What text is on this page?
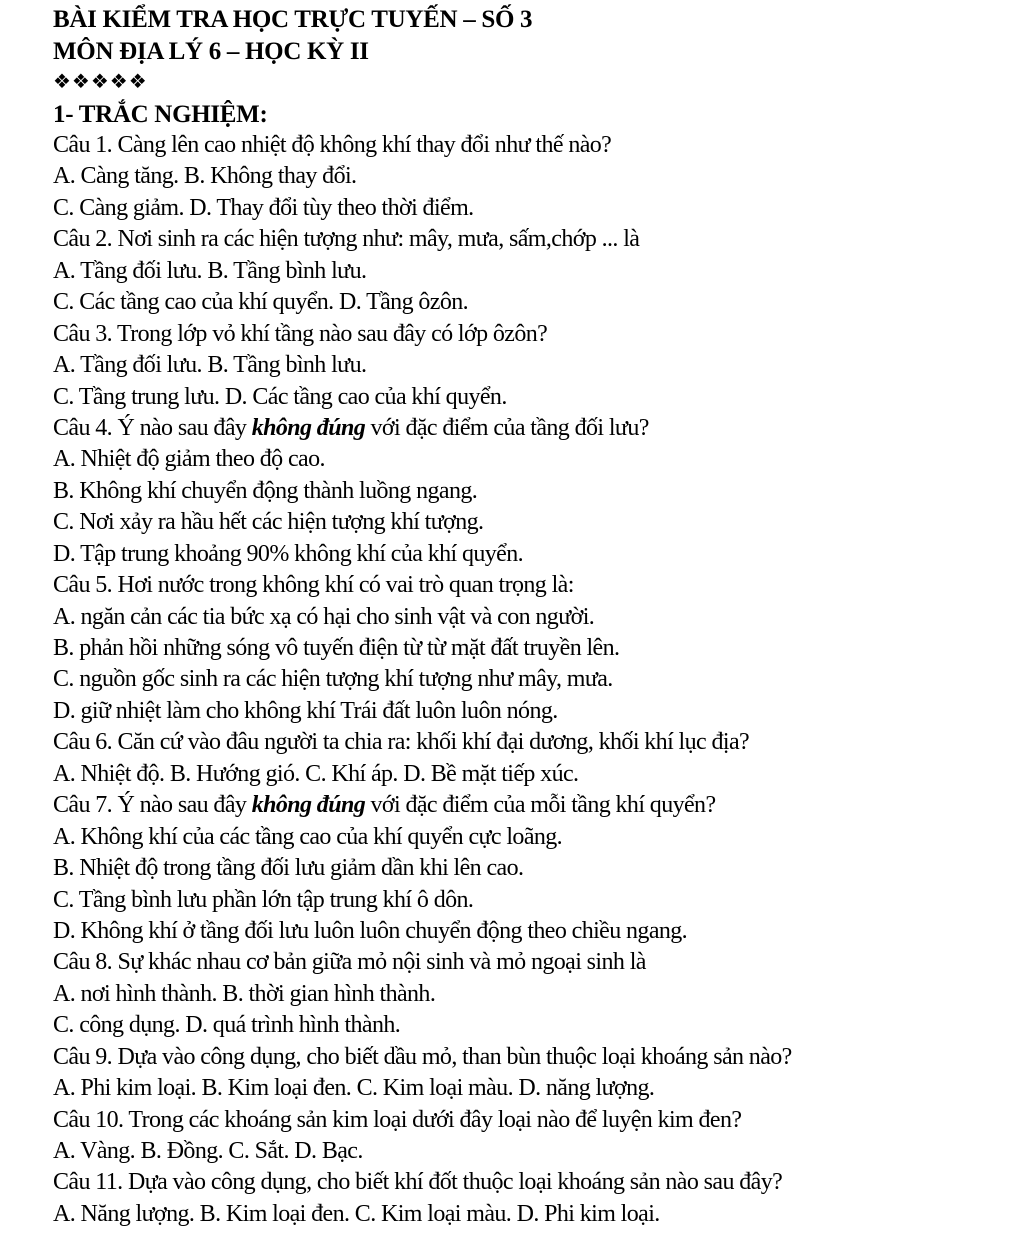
BÀI KIỂM TRA HỌC TRỰC TUYẾN – SỐ 3
MÔN ĐỊA LÝ 6 – HỌC KỲ II
❖❖❖❖❖
1- TRẮC NGHIỆM:
Câu 1. Càng lên cao nhiệt độ không khí thay đổi như thế nào?
A. Càng tăng. B. Không thay đổi.
C. Càng giảm. D. Thay đổi tùy theo thời điểm.
Câu 2. Nơi sinh ra các hiện tượng như: mây, mưa, sấm,chớp ... là
A. Tầng đối lưu. B. Tầng bình lưu.
C. Các tầng cao của khí quyển. D. Tầng ôzôn.
Câu 3. Trong lớp vỏ khí tầng nào sau đây có lớp ôzôn?
A. Tầng đối lưu. B. Tầng bình lưu.
C. Tầng trung lưu. D. Các tầng cao của khí quyển.
Câu 4. Ý nào sau đây không đúng với đặc điểm của tầng đối lưu?
A. Nhiệt độ giảm theo độ cao.
B. Không khí chuyển động thành luồng ngang.
C. Nơi xảy ra hầu hết các hiện tượng khí tượng.
D. Tập trung khoảng 90% không khí của khí quyển.
Câu 5. Hơi nước trong không khí có vai trò quan trọng là:
A. ngăn cản các tia bức xạ có hại cho sinh vật và con người.
B. phản hồi những sóng vô tuyến điện từ từ mặt đất truyền lên.
C. nguồn gốc sinh ra các hiện tượng khí tượng như mây, mưa.
D. giữ nhiệt làm cho không khí Trái đất luôn luôn nóng.
Câu 6. Căn cứ vào đâu người ta chia ra: khối khí đại dương, khối khí lục địa?
A. Nhiệt độ. B. Hướng gió. C. Khí áp. D. Bề mặt tiếp xúc.
Câu 7. Ý nào sau đây không đúng với đặc điểm của mỗi tầng khí quyển?
A. Không khí của các tầng cao của khí quyển cực loãng.
B. Nhiệt độ trong tầng đối lưu giảm dần khi lên cao.
C. Tầng bình lưu phần lớn tập trung khí ô dôn.
D. Không khí ở tầng đối lưu luôn luôn chuyển động theo chiều ngang.
Câu 8. Sự khác nhau cơ bản giữa mỏ nội sinh và mỏ ngoại sinh là
A. nơi hình thành. B. thời gian hình thành.
C. công dụng. D. quá trình hình thành.
Câu 9. Dựa vào công dụng, cho biết dầu mỏ, than bùn thuộc loại khoáng sản nào?
A. Phi kim loại. B. Kim loại đen. C. Kim loại màu. D. năng lượng.
Câu 10. Trong các khoáng sản kim loại dưới đây loại nào để luyện kim đen?
A. Vàng. B. Đồng. C. Sắt. D. Bạc.
Câu 11. Dựa vào công dụng, cho biết khí đốt thuộc loại khoáng sản nào sau đây?
A. Năng lượng. B. Kim loại đen. C. Kim loại màu. D. Phi kim loại.
